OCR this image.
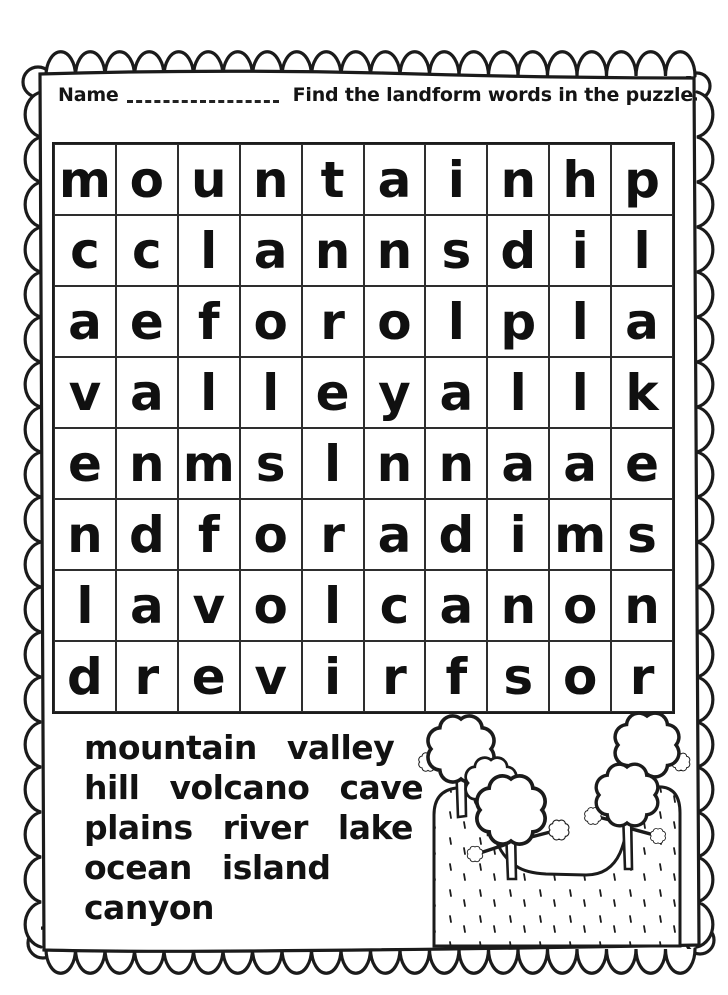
Name	Find the landform words in the puzzle
m o u n t a i n h p
c c l a n n s d i l
a e f o r o l p l a
v a l l e y a l l k
e n m s l n n a a e
n d f o r a d i m s
l a v o l c a n o n
d r e v i r f s o r
mountain valley
hill volcano cave
plains river lake
ocean island
canyon
